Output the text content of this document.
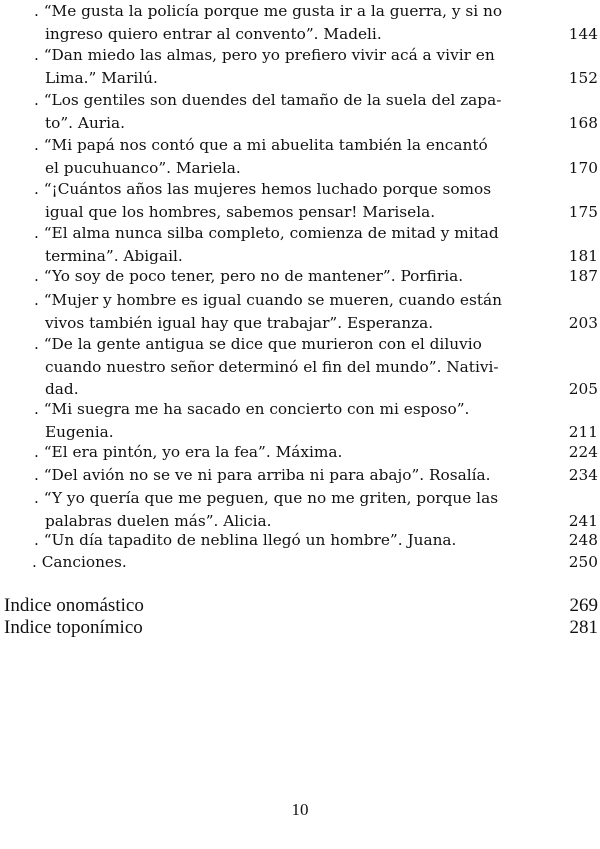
. “Me gusta la policía porque me gusta ir a la guerra, y si no
ingreso quiero entrar al convento”. Madeli.	144
. “Dan miedo las almas, pero yo prefiero vivir acá a vivir en
Lima.” Marilú.	152
. “Los gentiles son duendes del tamaño de la suela del zapa-
to”. Auria.	168
. “Mi papá nos contó que a mi abuelita también la encantó
el pucuhuanco”. Mariela.	170
. “¡Cuántos años las mujeres hemos luchado porque somos
igual que los hombres, sabemos pensar! Marisela.	175
. “El alma nunca silba completo, comienza de mitad y mitad
termina”. Abigail.	181
. “Yo soy de poco tener, pero no de mantener”. Porfiria.	187
. “Mujer y hombre es igual cuando se mueren, cuando están
vivos también igual hay que trabajar”. Esperanza.	203
. “De la gente antigua se dice que murieron con el diluvio
cuando nuestro señor determinó el fin del mundo”. Nativi-
dad.	205
. “Mi suegra me ha sacado en concierto con mi esposo”.
Eugenia.	211
. “El era pintón, yo era la fea”. Máxima.	224
. “Del avión no se ve ni para arriba ni para abajo”. Rosalía.	234
. “Y yo quería que me peguen, que no me griten, porque las
palabras duelen más”. Alicia.	241
. “Un día tapadito de neblina llegó un hombre”. Juana.	248
. Canciones.	250
Indice onomástico	269
Indice toponímico	281
10
